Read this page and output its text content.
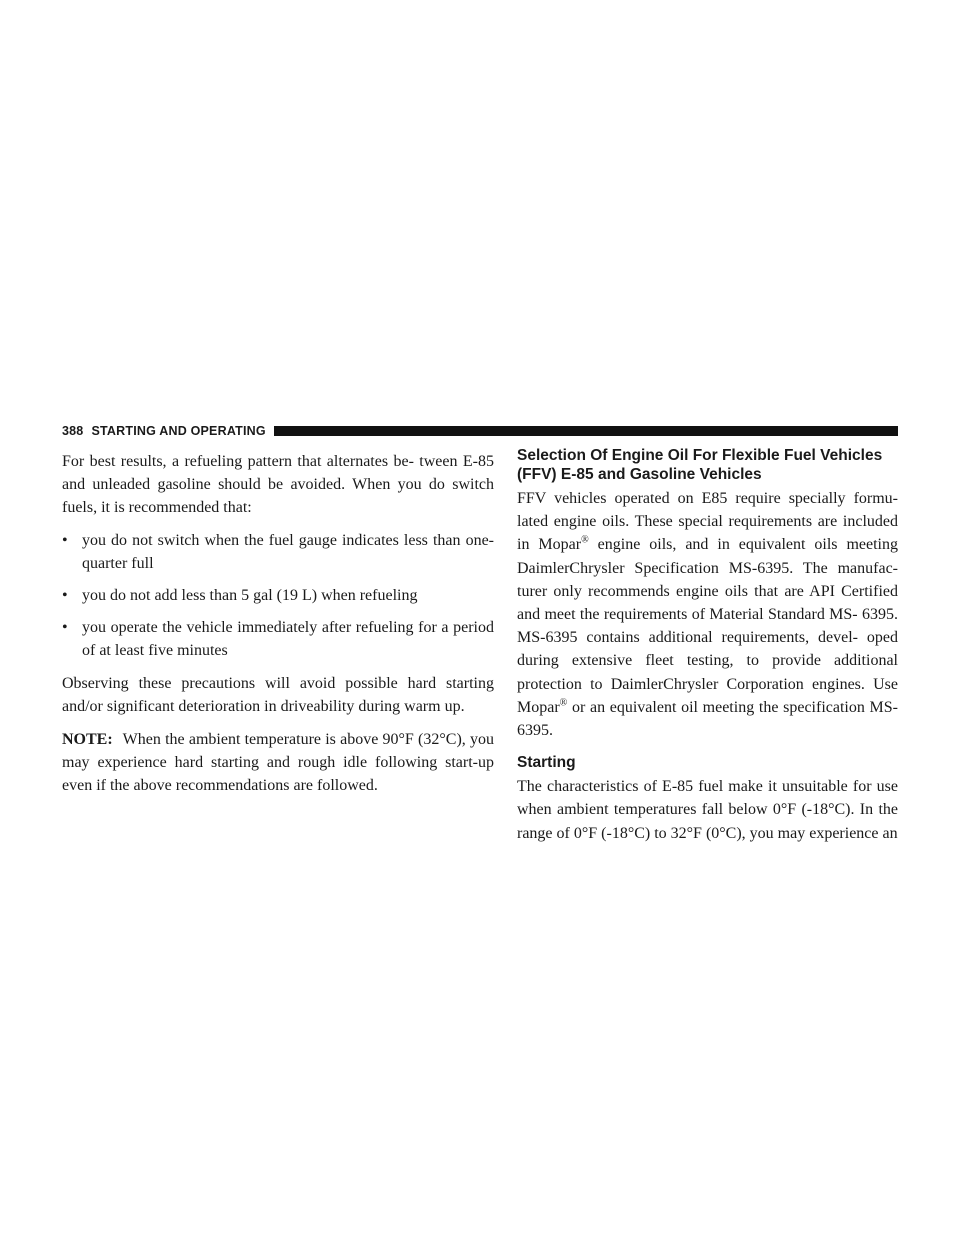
388 STARTING AND OPERATING

For best results, a refueling pattern that alternates be- tween E-85 and unleaded gasoline should be avoided. When you do switch fuels, it is recommended that:

• you do not switch when the fuel gauge indicates less than one-quarter full
• you do not add less than 5 gal (19 L) when refueling
• you operate the vehicle immediately after refueling for a period of at least five minutes

Observing these precautions will avoid possible hard starting and/or significant deterioration in driveability during warm up.

NOTE: When the ambient temperature is above 90°F (32°C), you may experience hard starting and rough idle following start-up even if the above recommendations are followed.

Selection Of Engine Oil For Flexible Fuel Vehicles (FFV) E-85 and Gasoline Vehicles

FFV vehicles operated on E85 require specially formu- lated engine oils. These special requirements are included in Mopar® engine oils, and in equivalent oils meeting DaimlerChrysler Specification MS-6395. The manufac- turer only recommends engine oils that are API Certified and meet the requirements of Material Standard MS- 6395. MS-6395 contains additional requirements, devel- oped during extensive fleet testing, to provide additional protection to DaimlerChrysler Corporation engines. Use Mopar® or an equivalent oil meeting the specification MS-6395.

Starting

The characteristics of E-85 fuel make it unsuitable for use when ambient temperatures fall below 0°F (-18°C). In the range of 0°F (-18°C) to 32°F (0°C), you may experience an
